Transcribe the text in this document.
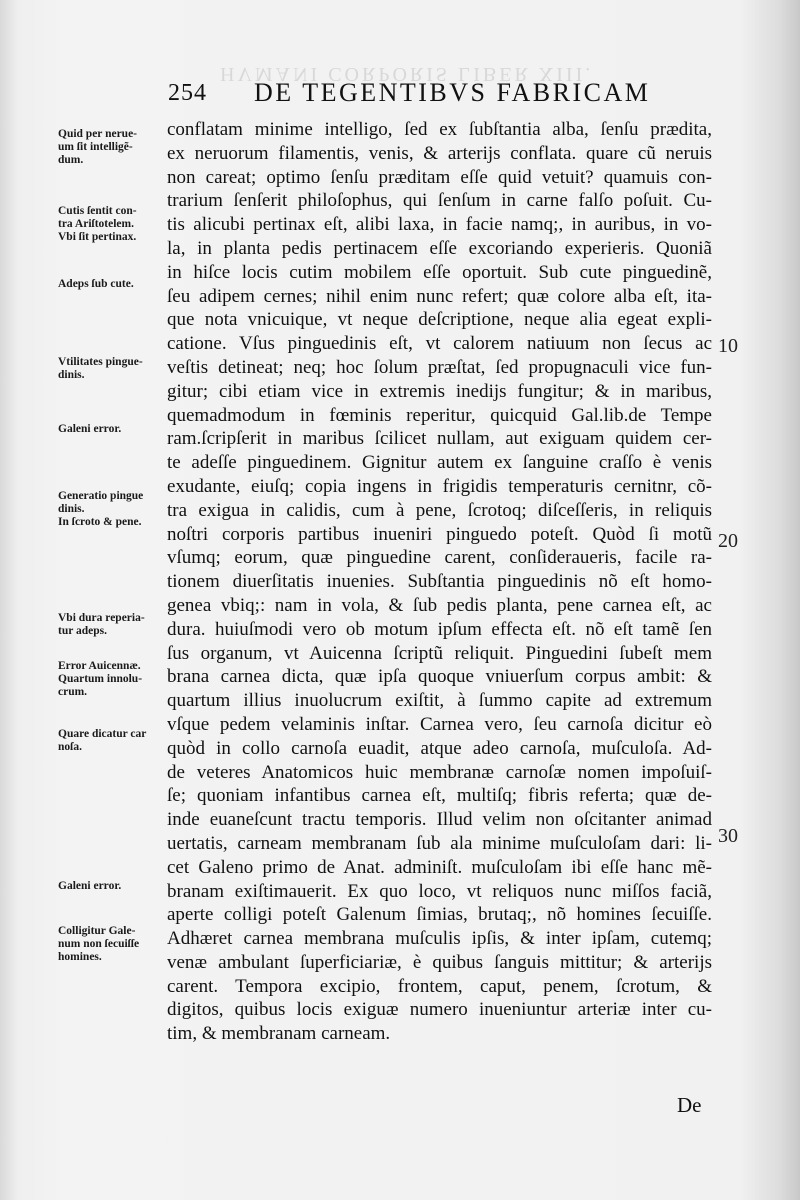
HVMANI CORPORIS LIBER XIII.
254 DE TEGENTIBVS FABRICAM
Quid per nerue-
um ſit intelligẽ-
dum.
Cutis ſentit con-
tra Ariſtotelem.
Vbi ſit pertinax.
Adeps ſub cute.
Vtilitates pingue-
dinis.
Galeni error.
Generatio pingue
dinis.
In ſcroto & pene.
Vbi dura reperia-
tur adeps.
Error Auicennæ.
Quartum innolu-
crum.
Quare dicatur car
noſa.
Galeni error.
Colligitur Gale-
num non ſecuiſſe
homines.
conflatam minime intelligo, ſed ex ſubſtantia alba, ſenſu prædita,
ex neruorum filamentis, venis, & arterijs conflata. quare cũ neruis
non careat; optimo ſenſu præditam eſſe quid vetuit? quamuis con-
trarium ſenſerit philoſophus, qui ſenſum in carne falſo poſuit. Cu-
tis alicubi pertinax eſt, alibi laxa, in facie namq;, in auribus, in vo-
la, in planta pedis pertinacem eſſe excoriando experieris. Quoniã
in hiſce locis cutim mobilem eſſe oportuit. Sub cute pinguedinẽ,
ſeu adipem cernes; nihil enim nunc refert; quæ colore alba eſt, ita-
que nota vnicuique, vt neque deſcriptione, neque alia egeat expli-
catione. Vſus pinguedinis eſt, vt calorem natiuum non ſecus ac
veſtis detineat; neq; hoc ſolum præſtat, ſed propugnaculi vice fun-
gitur; cibi etiam vice in extremis inedijs fungitur; & in maribus,
quemadmodum in fœminis reperitur, quicquid Gal.lib.de Tempe
ram.ſcripſerit in maribus ſcilicet nullam, aut exiguam quidem cer-
te adeſſe pinguedinem. Gignitur autem ex ſanguine craſſo è venis
exudante, eiuſq; copia ingens in frigidis temperaturis cernitnr, cõ-
tra exigua in calidis, cum à pene, ſcrotoq; diſceſſeris, in reliquis
noſtri corporis partibus inueniri pinguedo poteſt. Quòd ſi motũ
vſumq; eorum, quæ pinguedine carent, conſideraueris, facile ra-
tionem diuerſitatis inuenies. Subſtantia pinguedinis nõ eſt homo-
genea vbiq;: nam in vola, & ſub pedis planta, pene carnea eſt, ac
dura. huiuſmodi vero ob motum ipſum effecta eſt. nõ eſt tamẽ ſen
ſus organum, vt Auicenna ſcriptũ reliquit. Pinguedini ſubeſt mem
brana carnea dicta, quæ ipſa quoque vniuerſum corpus ambit: &
quartum illius inuolucrum exiſtit, à ſummo capite ad extremum
vſque pedem velaminis inſtar. Carnea vero, ſeu carnoſa dicitur eò
quòd in collo carnoſa euadit, atque adeo carnoſa, muſculoſa. Ad-
de veteres Anatomicos huic membranæ carnoſæ nomen impoſuiſ-
ſe; quoniam infantibus carnea eſt, multiſq; fibris referta; quæ de-
inde euaneſcunt tractu temporis. Illud velim non oſcitanter animad
uertatis, carneam membranam ſub ala minime muſculoſam dari: li-
cet Galeno primo de Anat. adminiſt. muſculoſam ibi eſſe hanc mẽ-
branam exiſtimauerit. Ex quo loco, vt reliquos nunc miſſos faciã,
aperte colligi poteſt Galenum ſimias, brutaq;, nõ homines ſecuiſſe.
Adhæret carnea membrana muſculis ipſis, & inter ipſam, cutemq;
venæ ambulant ſuperficiariæ, è quibus ſanguis mittitur; & arterijs
carent. Tempora excipio, frontem, caput, penem, ſcrotum, &
digitos, quibus locis exiguæ numero inueniuntur arteriæ inter cu-
tim, & membranam carneam.
10
20
30
De
